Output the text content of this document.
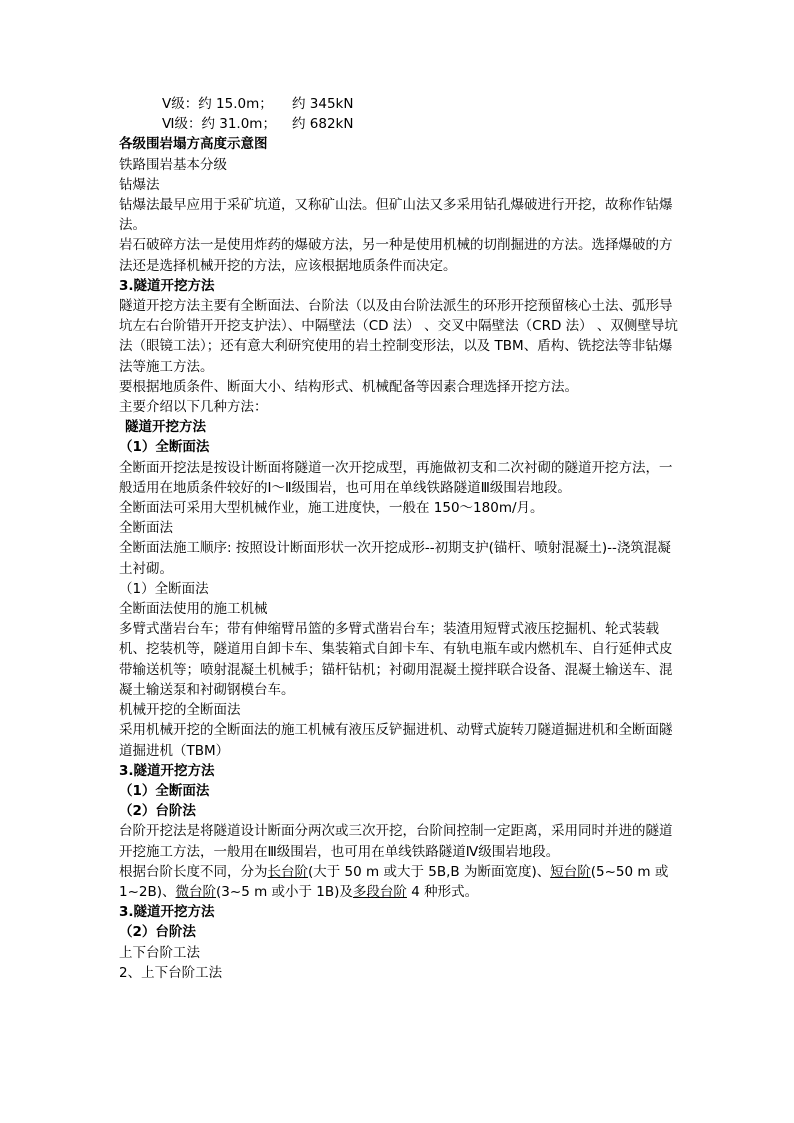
Ⅴ级：约 15.0m； 约 345kN

Ⅵ级：约 31.0m； 约 682kN

各级围岩塌方高度示意图

铁路围岩基本分级

钻爆法

钻爆法最早应用于采矿坑道，又称矿山法。但矿山法又多采用钻孔爆破进行开挖，故称作钻爆法。

岩石破碎方法一是使用炸药的爆破方法，另一种是使用机械的切削掘进的方法。选择爆破的方法还是选择机械开挖的方法，应该根据地质条件而决定。

3.隧道开挖方法

隧道开挖方法主要有全断面法、台阶法（以及由台阶法派生的环形开挖预留核心土法、弧形导坑左右台阶错开开挖支护法）、中隔壁法（CD 法） 、交叉中隔壁法（CRD 法） 、双侧壁导坑法（眼镜工法）；还有意大利研究使用的岩土控制变形法，以及 TBM、盾构、铣挖法等非钻爆法等施工方法。

要根据地质条件、断面大小、结构形式、机械配备等因素合理选择开挖方法。

主要介绍以下几种方法：

隧道开挖方法

（1）全断面法

全断面开挖法是按设计断面将隧道一次开挖成型，再施做初支和二次衬砌的隧道开挖方法，一般适用在地质条件较好的Ⅰ～Ⅱ级围岩，也可用在单线铁路隧道Ⅲ级围岩地段。

全断面法可采用大型机械作业，施工进度快，一般在 150～180m/月。

全断面法

全断面法施工顺序: 按照设计断面形状一次开挖成形--初期支护(锚杆、喷射混凝土)--浇筑混凝土衬砌。

（1）全断面法

全断面法使用的施工机械

多臂式凿岩台车；带有伸缩臂吊篮的多臂式凿岩台车；装渣用短臂式液压挖掘机、轮式装载机、挖装机等，隧道用自卸卡车、集装箱式自卸卡车、有轨电瓶车或内燃机车、自行延伸式皮带输送机等；喷射混凝土机械手；锚杆钻机；衬砌用混凝土搅拌联合设备、混凝土输送车、混凝土输送泵和衬砌钢模台车。

机械开挖的全断面法

采用机械开挖的全断面法的施工机械有液压反铲掘进机、动臂式旋转刀隧道掘进机和全断面隧道掘进机（TBM）

3.隧道开挖方法

（1）全断面法

（2）台阶法

台阶开挖法是将隧道设计断面分两次或三次开挖，台阶间控制一定距离，采用同时并进的隧道开挖施工方法，一般用在Ⅲ级围岩，也可用在单线铁路隧道Ⅳ级围岩地段。

根据台阶长度不同，分为长台阶(大于 50 m 或大于 5B,B 为断面宽度)、短台阶(5~50 m 或 1~2B)、微台阶(3~5 m 或小于 1B)及多段台阶 4 种形式。

3.隧道开挖方法

（2）台阶法

上下台阶工法

2、上下台阶工法
